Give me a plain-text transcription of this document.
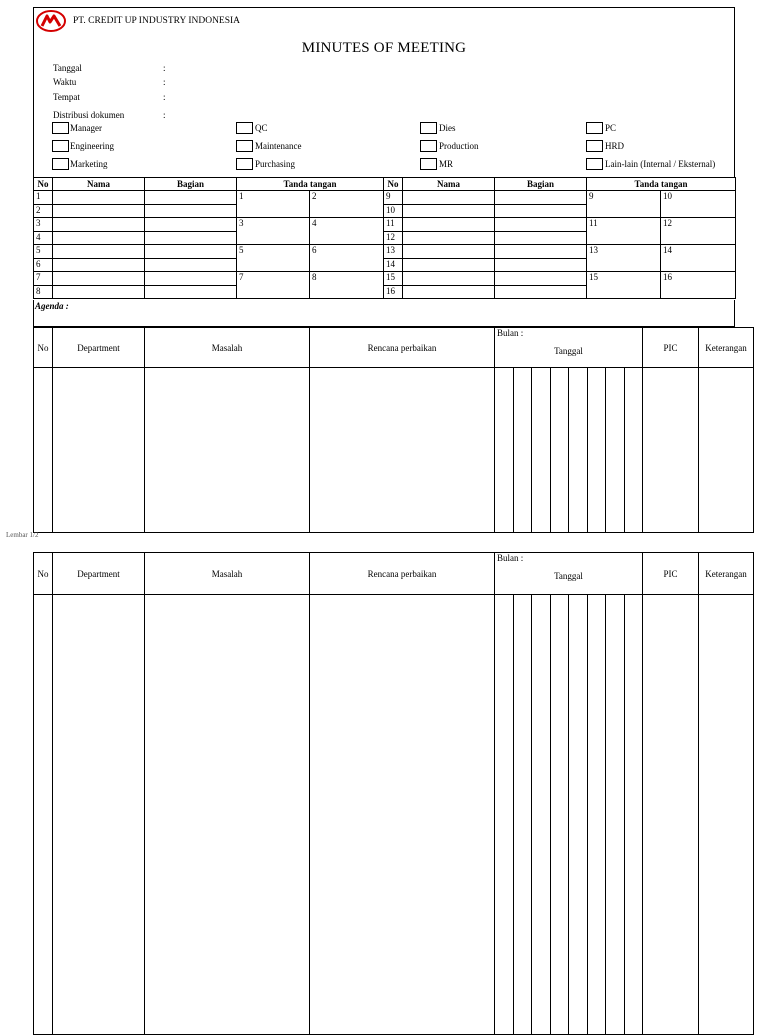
PT. CREDIT UP INDUSTRY INDONESIA
MINUTES OF MEETING
Tanggal	:
Waktu	:
Tempat	:
Distribusi dokumen	:
Manager	QC	Dies	PC
Engineering	Maintenance	Production	HRD
Marketing	Purchasing	MR	Lain-lain (Internal / Eksternal)
No	Nama	Bagian	Tanda tangan		No	Nama	Bagian	Tanda tangan	
1			1	2	9			9	10
2					10				
3			3	4	11			11	12
4					12				
5			5	6	13			13	14
6					14				
7			7	8	15			15	16
8					16				
Agenda :
No	Department	Masalah	Rencana perbaikan	Bulan :								PIC	Keterangan
				Tanggal									

Lembar 1/2
No	Department	Masalah	Rencana perbaikan	Bulan :								PIC	Keterangan
				Tanggal									
